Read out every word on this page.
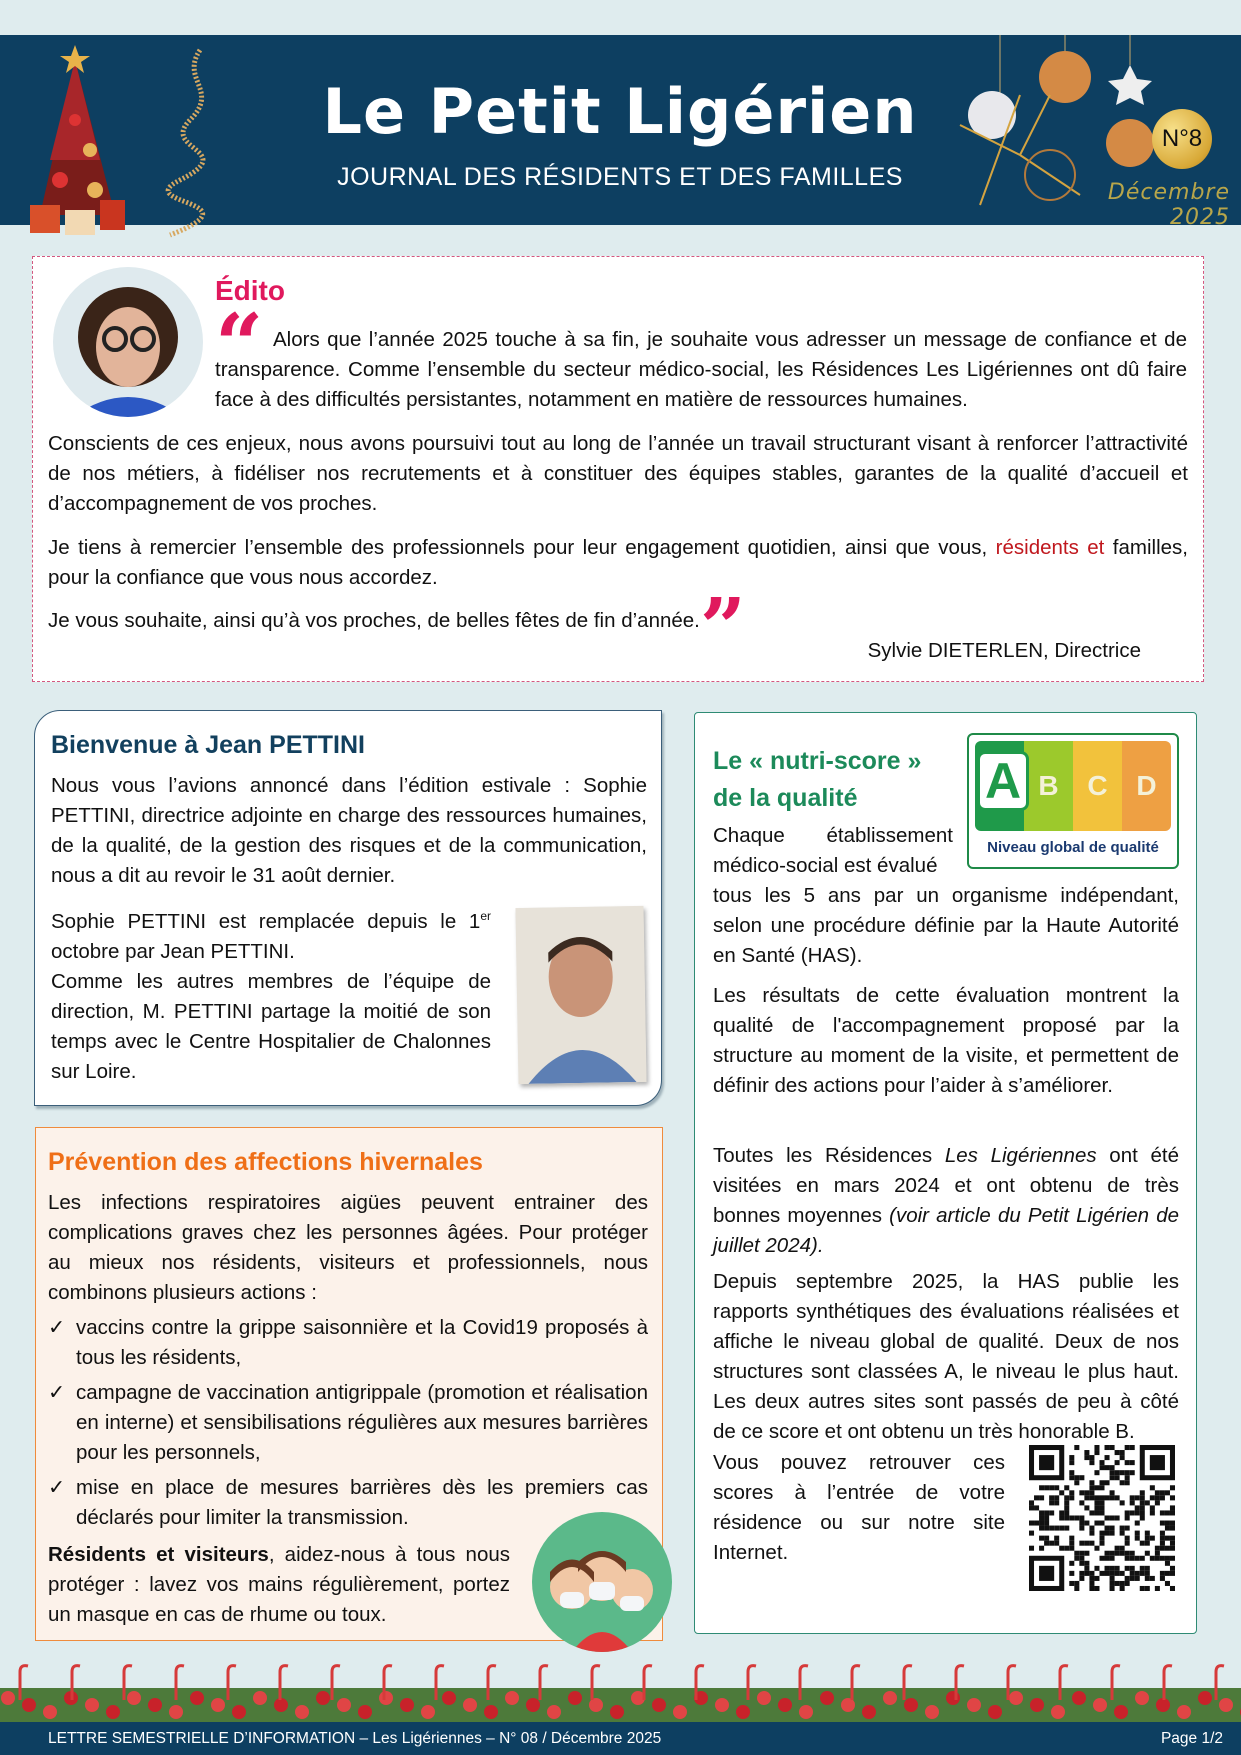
Le Petit Ligérien
JOURNAL DES RÉSIDENTS ET DES FAMILLES
N°8
Décembre 2025
Édito
“ Alors que l’année 2025 touche à sa fin, je souhaite vous adresser un message de confiance et de transparence. Comme l’ensemble du secteur médico-social, les Résidences Les Ligériennes ont dû faire face à des difficultés persistantes, notamment en matière de ressources humaines.

Conscients de ces enjeux, nous avons poursuivi tout au long de l’année un travail structurant visant à renforcer l’attractivité de nos métiers, à fidéliser nos recrutements et à constituer des équipes stables, garantes de la qualité d’accueil et d’accompagnement de vos proches.

Je tiens à remercier l’ensemble des professionnels pour leur engagement quotidien, ainsi que vous, résidents et familles, pour la confiance que vous nous accordez.

Je vous souhaite, ainsi qu’à vos proches, de belles fêtes de fin d’année.”	Sylvie DIETERLEN, Directrice
Bienvenue à Jean PETTINI

Nous vous l’avions annoncé dans l’édition estivale : Sophie PETTINI, directrice adjointe en charge des ressources humaines, de la qualité, de la gestion des risques et de la communication, nous a dit au revoir le 31 août dernier.

Sophie PETTINI est remplacée depuis le 1er octobre par Jean PETTINI.

Comme les autres membres de l’équipe de direction, M. PETTINI partage la moitié de son temps avec le Centre Hospitalier de Chalonnes sur Loire.

Prévention des affections hivernales

Les infections respiratoires aigües peuvent entrainer des complications graves chez les personnes âgées. Pour protéger au mieux nos résidents, visiteurs et professionnels, nous combinons plusieurs actions :

✓ vaccins contre la grippe saisonnière et la Covid19 proposés à tous les résidents,
✓ campagne de vaccination antigrippale (promotion et réalisation en interne) et sensibilisations régulières aux mesures barrières pour les personnels,
✓ mise en place de mesures barrières dès les premiers cas déclarés pour limiter la transmission.

Résidents et visiteurs, aidez-nous à tous nous protéger : lavez vos mains régulièrement, portez un masque en cas de rhume ou toux.

Le « nutri-score » de la qualité	A B	C	D
Niveau global de qualité

Chaque établissement médico-social est évalué

tous les 5 ans par un organisme indépendant, selon une procédure définie par la Haute Autorité en Santé (HAS).

Les résultats de cette évaluation montrent la qualité de l'accompagnement proposé par la structure au moment de la visite, et permettent de définir des actions pour l’aider à s’améliorer.

Toutes les Résidences Les Ligériennes ont été visitées en mars 2024 et ont obtenu de très bonnes moyennes (voir article du Petit Ligérien de juillet 2024).

Depuis septembre 2025, la HAS publie les rapports synthétiques des évaluations réalisées et affiche le niveau global de qualité. Deux de nos structures sont classées A, le niveau le plus haut. Les deux autres sites sont passés de peu à côté de ce score et ont obtenu un très honorable B.

Vous pouvez retrouver ces scores à l’entrée de votre résidence ou sur notre site Internet.

LETTRE SEMESTRIELLE D’INFORMATION – Les Ligériennes – N° 08 / Décembre 2025	Page 1/2
